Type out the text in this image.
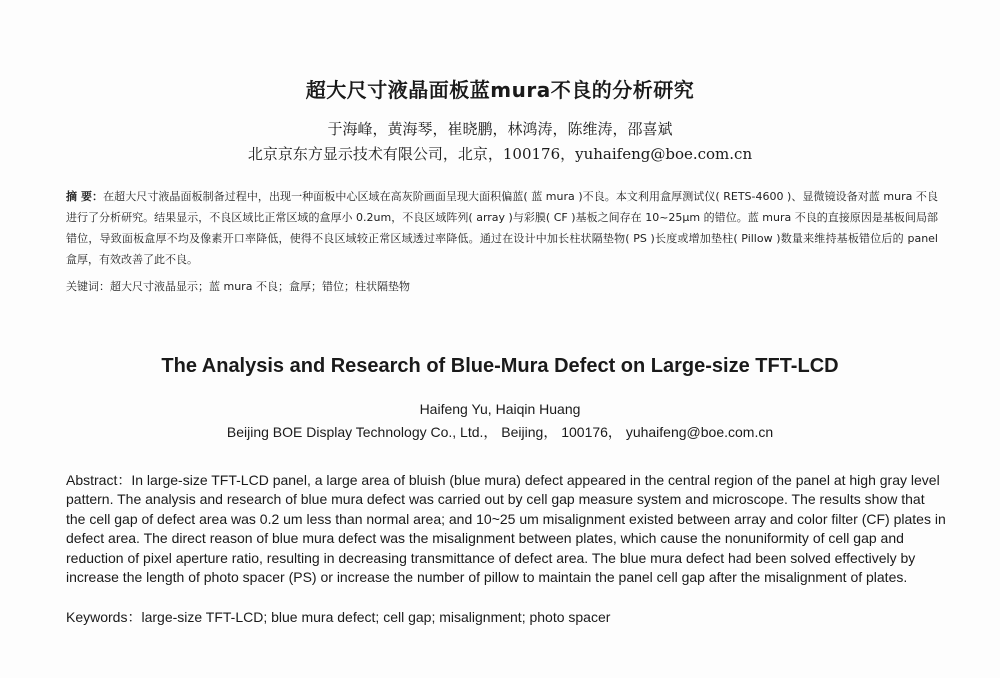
超大尺寸液晶面板蓝mura不良的分析研究
于海峰，黄海琴，崔晓鹏，林鸿涛，陈维涛，邵喜斌
北京京东方显示技术有限公司，北京，100176，yuhaifeng@boe.com.cn
摘 要：在超大尺寸液晶面板制备过程中，出现一种面板中心区域在高灰阶画面呈现大面积偏蓝( 蓝 mura )不良。本文利用盒厚测试仪( RETS-4600 )、显微镜设备对蓝 mura 不良进行了分析研究。结果显示，不良区域比正常区域的盒厚小 0.2um，不良区域阵列( array )与彩膜( CF )基板之间存在 10~25μm 的错位。蓝 mura 不良的直接原因是基板间局部错位，导致面板盒厚不均及像素开口率降低，使得不良区域较正常区域透过率降低。通过在设计中加长柱状隔垫物( PS )长度或增加垫柱( Pillow )数量来维持基板错位后的 panel 盒厚，有效改善了此不良。
关键词：超大尺寸液晶显示；蓝 mura 不良；盒厚；错位；柱状隔垫物
The Analysis and Research of Blue-Mura Defect on Large-size TFT-LCD
Haifeng Yu, Haiqin Huang
Beijing BOE Display Technology Co., Ltd.， Beijing， 100176， yuhaifeng@boe.com.cn
Abstract：In large-size TFT-LCD panel, a large area of bluish (blue mura) defect appeared in the central region of the panel at high gray level pattern. The analysis and research of blue mura defect was carried out by cell gap measure system and microscope. The results show that the cell gap of defect area was 0.2 um less than normal area; and 10~25 um misalignment existed between array and color filter (CF) plates in defect area. The direct reason of blue mura defect was the misalignment between plates, which cause the nonuniformity of cell gap and reduction of pixel aperture ratio, resulting in decreasing transmittance of defect area. The blue mura defect had been solved effectively by increase the length of photo spacer (PS) or increase the number of pillow to maintain the panel cell gap after the misalignment of plates.
Keywords：large-size TFT-LCD; blue mura defect; cell gap; misalignment; photo spacer
